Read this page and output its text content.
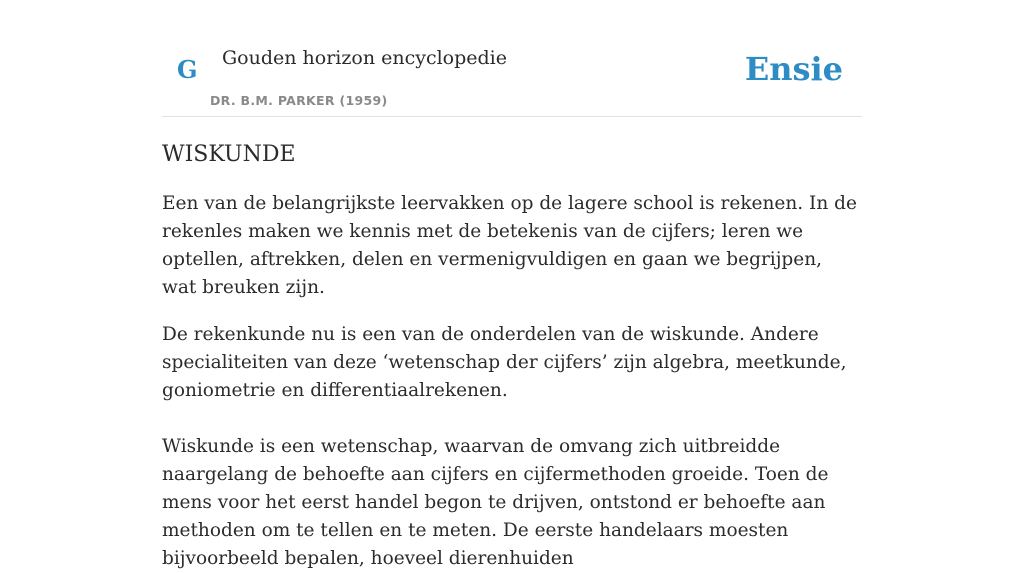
G Gouden horizon encyclopedie
DR. B.M. PARKER (1959)
Ensie
WISKUNDE

Een van de belangrijkste leervakken op de lagere school is rekenen. In de rekenles maken we kennis met de betekenis van de cijfers; leren we optellen, aftrekken, delen en vermenigvuldigen en gaan we begrijpen, wat breuken zijn.

De rekenkunde nu is een van de onderdelen van de wiskunde. Andere specialiteiten van deze ‘wetenschap der cijfers’ zijn algebra, meetkunde, goniometrie en differentiaalrekenen.

Wiskunde is een wetenschap, waarvan de omvang zich uitbreidde naargelang de behoefte aan cijfers en cijfermethoden groeide. Toen de mens voor het eerst handel begon te drijven, ontstond er behoefte aan methoden om te tellen en te meten. De eerste handelaars moesten bijvoorbeeld bepalen, hoeveel dierenhuiden
